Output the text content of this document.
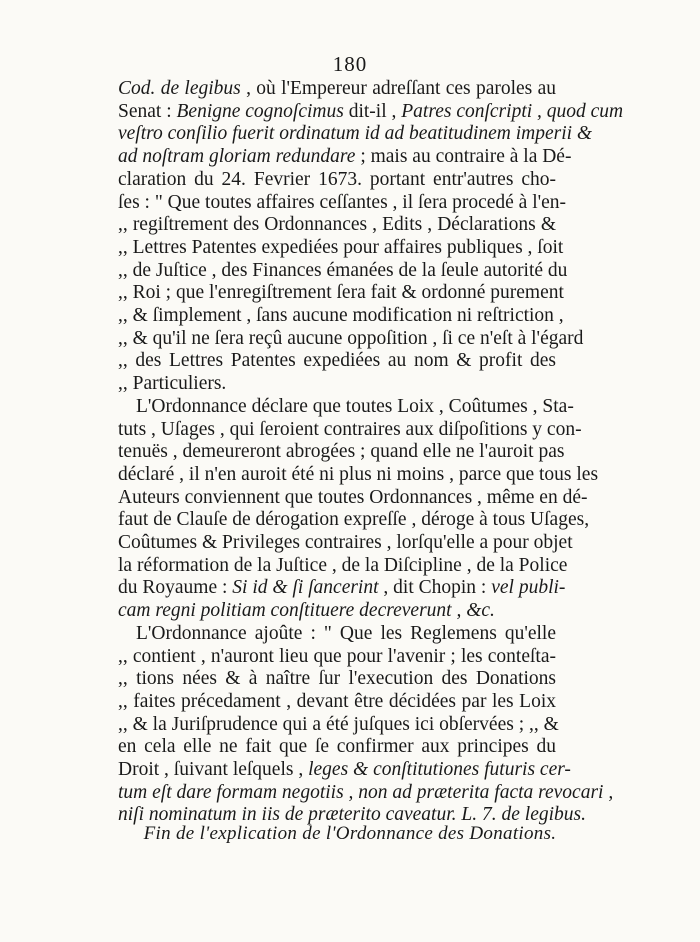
180
Cod. de legibus , où l'Empereur adreſſant ces paroles au
Senat : Benigne cognoſcimus dit-il , Patres conſcripti , quod cum
veſtro conſilio fuerit ordinatum id ad beatitudinem imperii &
ad noſtram gloriam redundare ; mais au contraire à la Dé-
claration du 24. Fevrier 1673. portant entr'autres cho-
ſes : " Que toutes affaires ceſſantes , il ſera procedé à l'en-
,, regiſtrement des Ordonnances , Edits , Déclarations &
,, Lettres Patentes expediées pour affaires publiques , ſoit
,, de Juſtice , des Finances émanées de la ſeule autorité du
,, Roi ; que l'enregiſtrement ſera fait & ordonné purement
,, & ſimplement , ſans aucune modification ni reſtriction ,
,, & qu'il ne ſera reçû aucune oppoſition , ſi ce n'eſt à l'égard
,, des Lettres Patentes expediées au nom & profit des
,, Particuliers.
L'Ordonnance déclare que toutes Loix , Coûtumes , Sta-
tuts , Uſages , qui ſeroient contraires aux diſpoſitions y con-
tenuës , demeureront abrogées ; quand elle ne l'auroit pas
déclaré , il n'en auroit été ni plus ni moins , parce que tous les
Auteurs conviennent que toutes Ordonnances , même en dé-
faut de Clauſe de dérogation expreſſe , déroge à tous Uſages,
Coûtumes & Privileges contraires , lorſqu'elle a pour objet
la réformation de la Juſtice , de la Diſcipline , de la Police
du Royaume : Si id & ſi ſancerint , dit Chopin : vel publi-
cam regni politiam conſtituere decreverunt , &c.
L'Ordonnance ajoûte : " Que les Reglemens qu'elle
,, contient , n'auront lieu que pour l'avenir ; les conteſta-
,, tions nées & à naître ſur l'execution des Donations
,, faites précedament , devant être décidées par les Loix
,, & la Juriſprudence qui a été juſques ici obſervées ; ,, &
en cela elle ne fait que ſe confirmer aux principes du
Droit , ſuivant leſquels , leges & conſtitutiones futuris cer-
tum eſt dare formam negotiis , non ad præterita facta revocari ,
niſi nominatum in iis de præterito caveatur. L. 7. de legibus.
Fin de l'explication de l'Ordonnance des Donations.
